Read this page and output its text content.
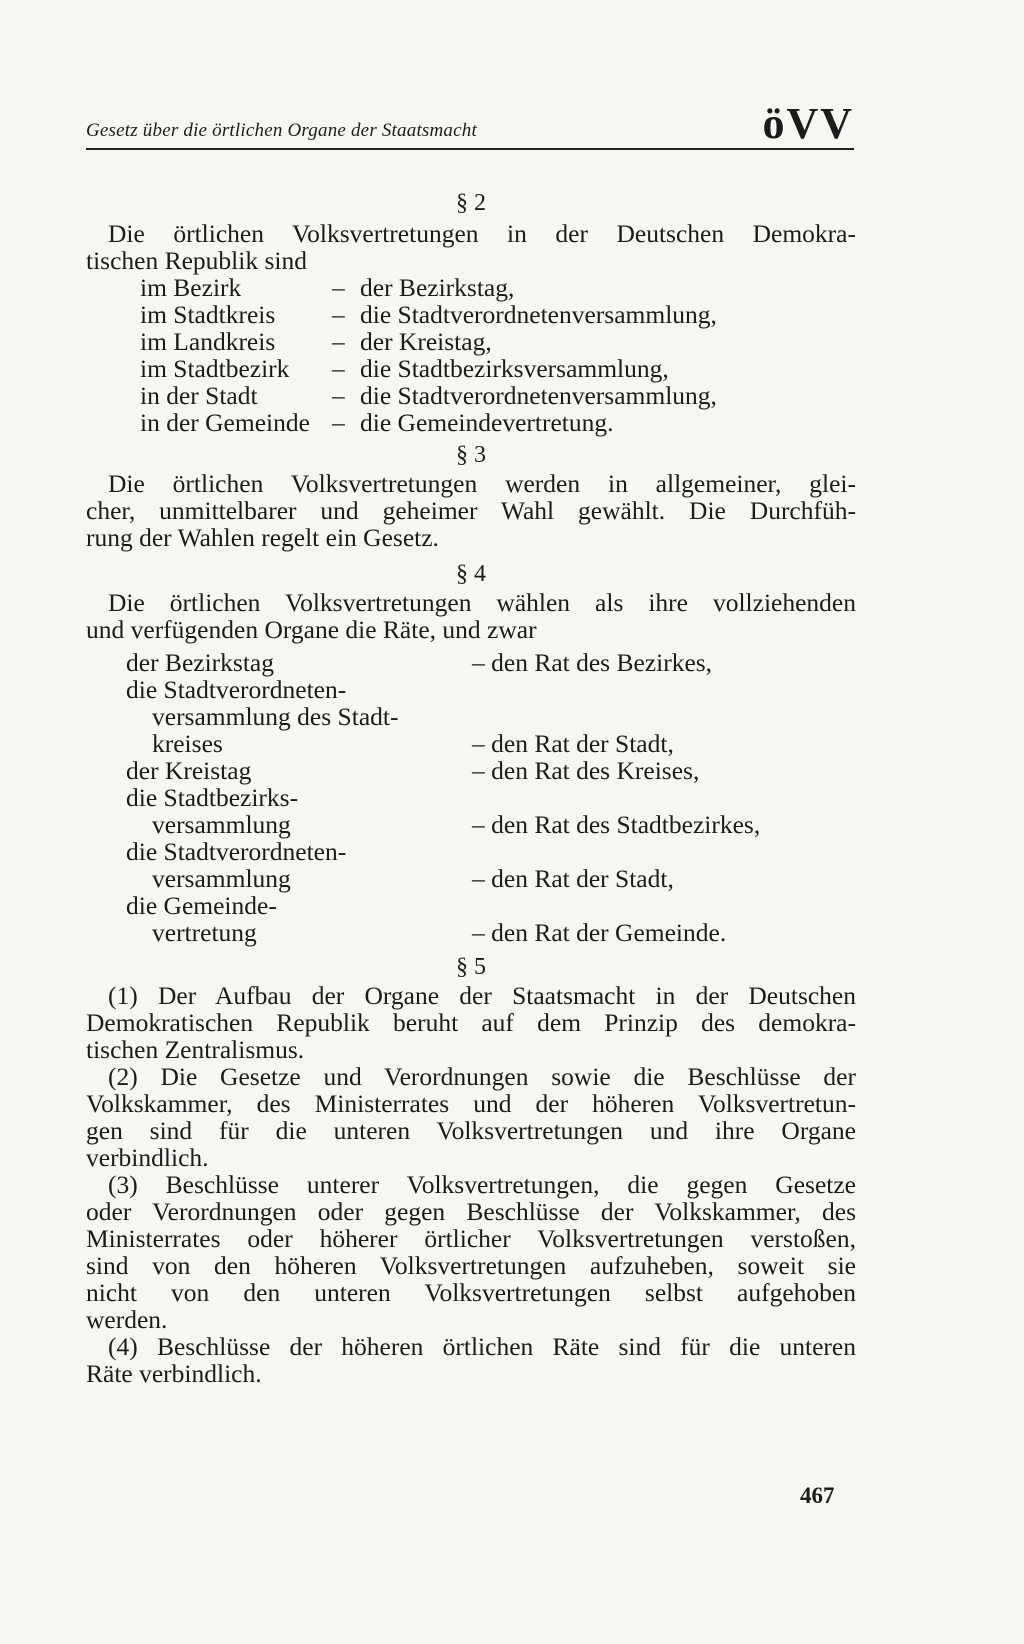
Gesetz über die örtlichen Organe der Staatsmacht	öVV
§ 2
Die örtlichen Volksvertretungen in der Deutschen Demokra-
tischen Republik sind
im Bezirk	–	der Bezirkstag,
im Stadtkreis	–	die Stadtverordnetenversammlung,
im Landkreis	–	der Kreistag,
im Stadtbezirk	–	die Stadtbezirksversammlung,
in der Stadt	–	die Stadtverordnetenversammlung,
in der Gemeinde	–	die Gemeindevertretung.
§ 3
Die örtlichen Volksvertretungen werden in allgemeiner, glei-
cher, unmittelbarer und geheimer Wahl gewählt. Die Durchfüh-
rung der Wahlen regelt ein Gesetz.
§ 4
Die örtlichen Volksvertretungen wählen als ihre vollziehenden
und verfügenden Organe die Räte, und zwar
der Bezirkstag	– den Rat des Bezirkes,

die Stadtverordneten-
versammlung des Stadt-
kreises	– den Rat der Stadt,
der Kreistag	– den Rat des Kreises,

die Stadtbezirks-
versammlung	– den Rat des Stadtbezirkes,

die Stadtverordneten-
versammlung	– den Rat der Stadt,

die Gemeinde-
vertretung	– den Rat der Gemeinde.
§ 5
(1) Der Aufbau der Organe der Staatsmacht in der Deutschen
Demokratischen Republik beruht auf dem Prinzip des demokra-
tischen Zentralismus.
(2) Die Gesetze und Verordnungen sowie die Beschlüsse der
Volkskammer, des Ministerrates und der höheren Volksvertretun-
gen sind für die unteren Volksvertretungen und ihre Organe
verbindlich.
(3) Beschlüsse unterer Volksvertretungen, die gegen Gesetze
oder Verordnungen oder gegen Beschlüsse der Volkskammer, des
Ministerrates oder höherer örtlicher Volksvertretungen verstoßen,
sind von den höheren Volksvertretungen aufzuheben, soweit sie
nicht von den unteren Volksvertretungen selbst aufgehoben
werden.
(4) Beschlüsse der höheren örtlichen Räte sind für die unteren
Räte verbindlich.
467
